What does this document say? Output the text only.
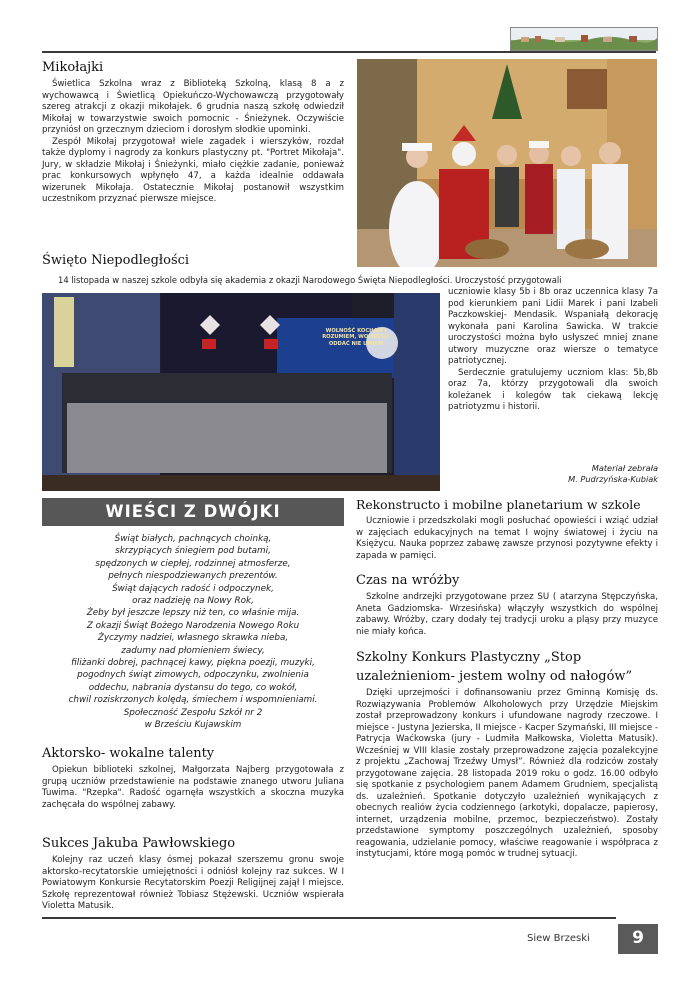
Mikołajki

Świetlica Szkolna wraz z Biblioteką Szkolną, klasą 8 a z wychowawcą i Świetlicą Opiekuńczo-Wychowawczą przygotowały szereg atrakcji z okazji mikołajek. 6 grudnia naszą szkołę odwiedził Mikołaj w towarzystwie swoich pomocnic - Śnieżynek. Oczywiście przyniósł on grzecznym dzieciom i dorosłym słodkie upominki.

Zespół Mikołaj przygotował wiele zagadek i wierszyków, rozdał także dyplomy i nagrody za konkurs plastyczny pt. "Portret Mikołaja". Jury, w składzie Mikołaj i Śnieżynki, miało ciężkie zadanie, ponieważ prac konkursowych wpłynęło 47, a każda idealnie oddawała wizerunek Mikołaja. Ostatecznie Mikołaj postanowił wszystkim uczestnikom przyznać pierwsze miejsce.

Święto Niepodległości
14 listopada w naszej szkole odbyła się akademia z okazji Narodowego Święta Niepodległości. Uroczystość przygotowali
WOLNOŚĆ KOCHAM I ROZUMIEM, WOLNOŚCI ODDAĆ NIE UMIEM

uczniowie klasy 5b i 8b oraz uczennica klasy 7a pod kierunkiem pani Lidii Marek i pani Izabeli Paczkowskiej- Mendasik. Wspaniałą dekorację wykonała pani Karolina Sawicka. W trakcie uroczystości można było usłyszeć mniej znane utwory muzyczne oraz wiersze o tematyce patriotycznej.

Serdecznie gratulujemy uczniom klas: 5b,8b oraz 7a, którzy przygotowali dla swoich koleżanek i kolegów tak ciekawą lekcję patriotyzmu i historii.

Materiał zebrała
M. Pudrzyńska-Kubiak
WIEŚCI Z DWÓJKI
Świąt białych, pachnących choinką,
skrzypiących śniegiem pod butami,
spędzonych w ciepłej, rodzinnej atmosferze,
pełnych niespodziewanych prezentów.
Świąt dających radość i odpoczynek,
oraz nadzieję na Nowy Rok,
Żeby był jeszcze lepszy niż ten, co właśnie mija.
Z okazji Świąt Bożego Narodzenia Nowego Roku
Życzymy nadziei, własnego skrawka nieba,
zadumy nad płomieniem świecy,
filiżanki dobrej, pachnącej kawy, piękna poezji, muzyki,
pogodnych świąt zimowych, odpoczynku, zwolnienia
oddechu, nabrania dystansu do tego, co wokół,
chwil roziskrzonych kolędą, śmiechem i wspomnieniami.
Społeczność Zespołu Szkół nr 2
w Brześciu Kujawskim
Aktorsko- wokalne talenty

Opiekun biblioteki szkolnej, Małgorzata Najberg przygotowała z grupą uczniów przedstawienie na podstawie znanego utworu Juliana Tuwima. "Rzepka". Radość ogarnęła wszystkich a skoczna muzyka zachęcała do wspólnej zabawy.

Sukces Jakuba Pawłowskiego

Kolejny raz uczeń klasy ósmej pokazał szerszemu gronu swoje aktorsko-recytatorskie umiejętności i odniósł kolejny raz sukces. W I Powiatowym Konkursie Recytatorskim Poezji Religijnej zajął I miejsce. Szkołę reprezentował również Tobiasz Stężewski. Uczniów wspierała Violetta Matusik.

Rekonstructo i mobilne planetarium w szkole

Uczniowie i przedszkolaki mogli posłuchać opowieści i wziąć udział w zajęciach edukacyjnych na temat I wojny światowej i życiu na Księżycu. Nauka poprzez zabawę zawsze przynosi pozytywne efekty i zapada w pamięci.

Czas na wróżby

Szkolne andrzejki przygotowane przez SU ( atarzyna Stępczyńska, Aneta Gadziomska- Wrzesińska) włączyły wszystkich do wspólnej zabawy. Wróżby, czary dodały tej tradycji uroku a pląsy przy muzyce nie miały końca.

Szkolny Konkurs Plastyczny „Stop
uzależnieniom- jestem wolny od nałogów”

Dzięki uprzejmości i dofinansowaniu przez Gminną Komisję ds. Rozwiązywania Problemów Alkoholowych przy Urzędzie Miejskim został przeprowadzony konkurs i ufundowane nagrody rzeczowe. I miejsce - Justyna Jezierska, II miejsce - Kacper Szymański, III miejsce - Patrycja Waćkowska (jury - Ludmiła Małkowska, Violetta Matusik). Wcześniej w VIII klasie zostały przeprowadzone zajęcia pozalekcyjne z projektu „Zachowaj Trzeźwy Umysł”. Również dla rodziców zostały przygotowane zajęcia. 28 listopada 2019 roku o godz. 16.00 odbyło się spotkanie z psychologiem panem Adamem Grudniem, specjalistą ds. uzależnień. Spotkanie dotyczyło uzależnień wynikających z obecnych realiów życia codziennego (arkotyki, dopalacze, papierosy, internet, urządzenia mobilne, przemoc, bezpieczeństwo). Zostały przedstawione symptomy poszczególnych uzależnień, sposoby reagowania, udzielanie pomocy, właściwe reagowanie i współpraca z instytucjami, które mogą pomóc w trudnej sytuacji.

Siew Brzeski	9
